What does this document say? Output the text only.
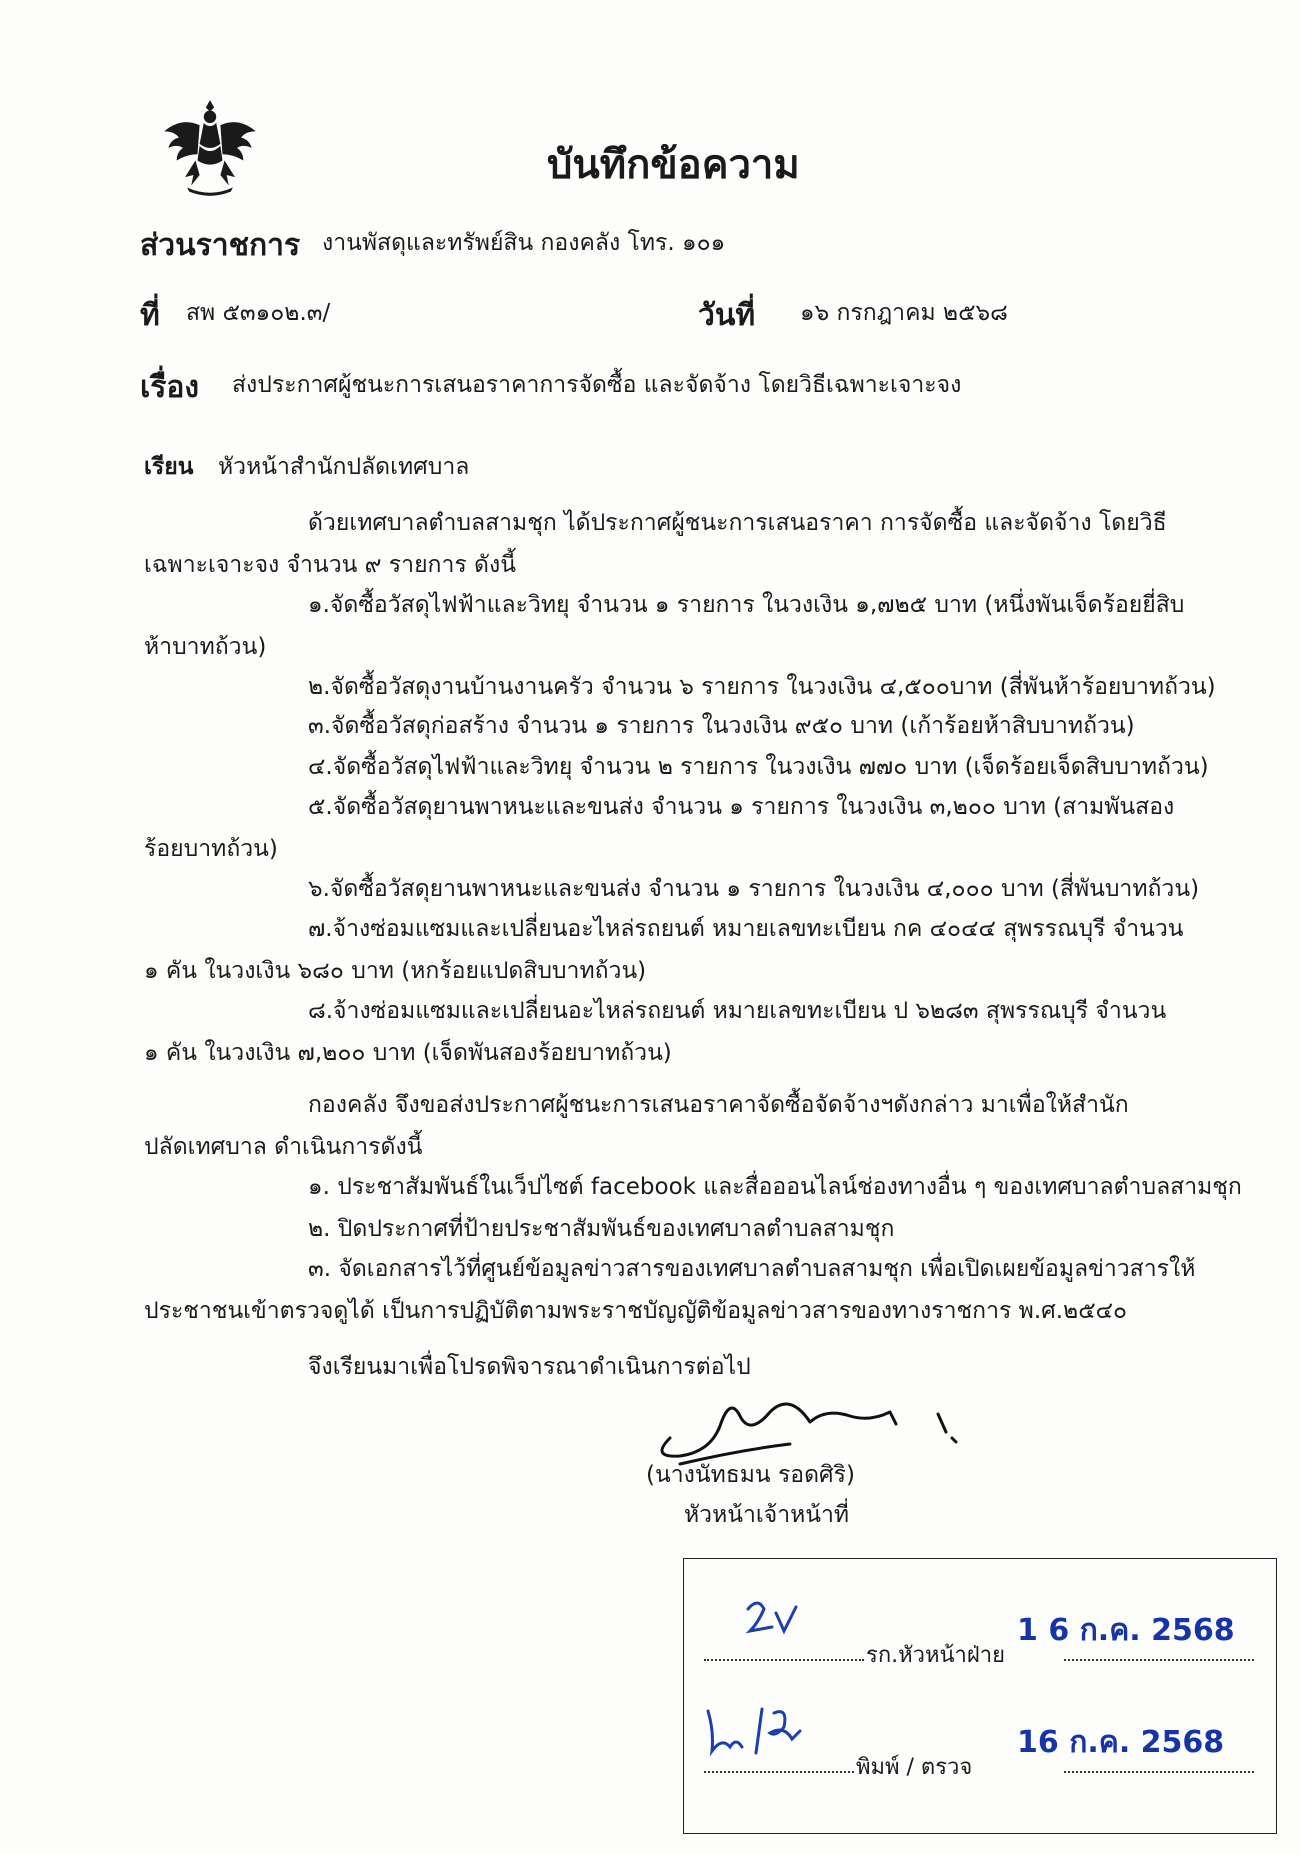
บันทึกข้อความ
ส่วนราชการ งานพัสดุและทรัพย์สิน กองคลัง โทร. ๑๐๑
ที่ สพ ๕๓๑๐๒.๓/	วันที่ ๑๖ กรกฎาคม ๒๕๖๘
เรื่อง ส่งประกาศผู้ชนะการเสนอราคาการจัดซื้อ และจัดจ้าง โดยวิธีเฉพาะเจาะจง
เรียน หัวหน้าสำนักปลัดเทศบาล
ด้วยเทศบาลตำบลสามชุก ได้ประกาศผู้ชนะการเสนอราคา การจัดซื้อ และจัดจ้าง โดยวิธี
เฉพาะเจาะจง จำนวน ๙ รายการ ดังนี้
๑.จัดซื้อวัสดุไฟฟ้าและวิทยุ จำนวน ๑ รายการ ในวงเงิน ๑,๗๒๕ บาท (หนึ่งพันเจ็ดร้อยยี่สิบ
ห้าบาทถ้วน)
๒.จัดซื้อวัสดุงานบ้านงานครัว จำนวน ๖ รายการ ในวงเงิน ๔,๕๐๐บาท (สี่พันห้าร้อยบาทถ้วน)
๓.จัดซื้อวัสดุก่อสร้าง จำนวน ๑ รายการ ในวงเงิน ๙๕๐ บาท (เก้าร้อยห้าสิบบาทถ้วน)
๔.จัดซื้อวัสดุไฟฟ้าและวิทยุ จำนวน ๒ รายการ ในวงเงิน ๗๗๐ บาท (เจ็ดร้อยเจ็ดสิบบาทถ้วน)
๕.จัดซื้อวัสดุยานพาหนะและขนส่ง จำนวน ๑ รายการ ในวงเงิน ๓,๒๐๐ บาท (สามพันสอง
ร้อยบาทถ้วน)
๖.จัดซื้อวัสดุยานพาหนะและขนส่ง จำนวน ๑ รายการ ในวงเงิน ๔,๐๐๐ บาท (สี่พันบาทถ้วน)
๗.จ้างซ่อมแซมและเปลี่ยนอะไหล่รถยนต์ หมายเลขทะเบียน กค ๔๐๔๔ สุพรรณบุรี จำนวน
๑ คัน ในวงเงิน ๖๘๐ บาท (หกร้อยแปดสิบบาทถ้วน)
๘.จ้างซ่อมแซมและเปลี่ยนอะไหล่รถยนต์ หมายเลขทะเบียน ป ๖๒๘๓ สุพรรณบุรี จำนวน
๑ คัน ในวงเงิน ๗,๒๐๐ บาท (เจ็ดพันสองร้อยบาทถ้วน)
กองคลัง จึงขอส่งประกาศผู้ชนะการเสนอราคาจัดซื้อจัดจ้างฯดังกล่าว มาเพื่อให้สำนัก
ปลัดเทศบาล ดำเนินการดังนี้
๑. ประชาสัมพันธ์ในเว็ปไซต์ facebook และสื่อออนไลน์ช่องทางอื่น ๆ ของเทศบาลตำบลสามชุก
๒. ปิดประกาศที่ป้ายประชาสัมพันธ์ของเทศบาลตำบลสามชุก
๓. จัดเอกสารไว้ที่ศูนย์ข้อมูลข่าวสารของเทศบาลตำบลสามชุก เพื่อเปิดเผยข้อมูลข่าวสารให้
ประชาชนเข้าตรวจดูได้ เป็นการปฏิบัติตามพระราชบัญญัติข้อมูลข่าวสารของทางราชการ พ.ศ.๒๕๔๐
จึงเรียนมาเพื่อโปรดพิจารณาดำเนินการต่อไป
(นางนัทธมน รอดศิริ)
หัวหน้าเจ้าหน้าที่
รก.หัวหน้าฝ่าย
1 6 ก.ค. 2568
พิมพ์ / ตรวจ
16 ก.ค. 2568
